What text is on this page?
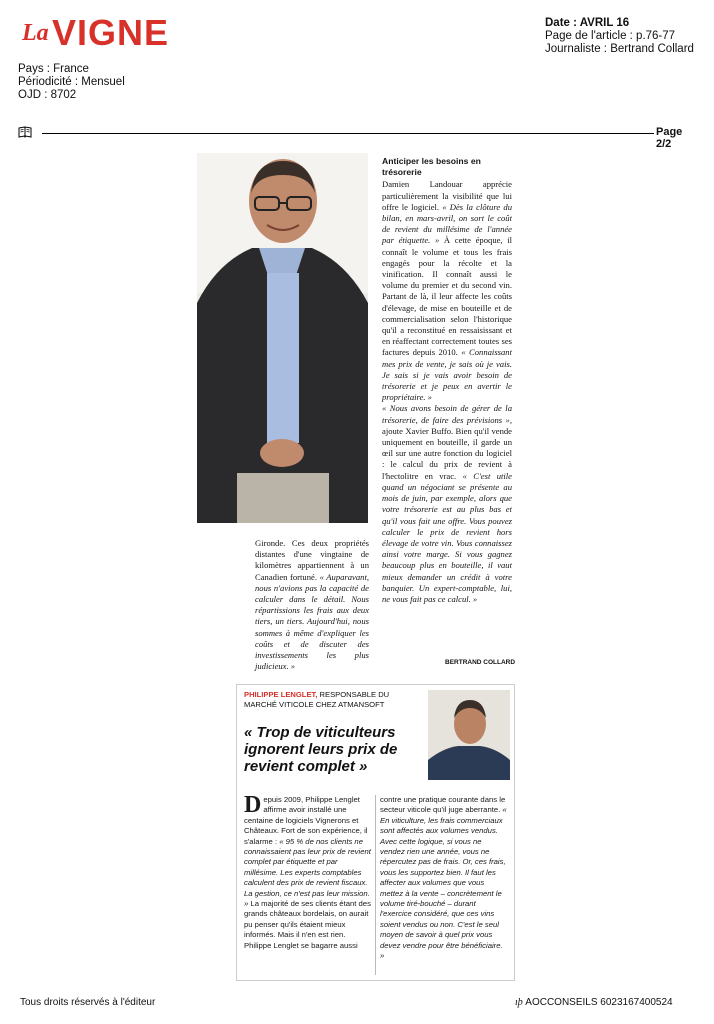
La VIGNE
Pays : France
Périodicité : Mensuel
OJD : 8702
Date : AVRIL 16
Page de l'article : p.76-77
Journaliste : Bertrand Collard
Page 2/2
Anticiper les besoins en trésorerie

Damien Landouar apprécie particulièrement la visibilité que lui offre le logiciel. « Dès la clôture du bilan, en mars-avril, on sort le coût de revient du millésime de l'année par étiquette. » À cette époque, il connaît le volume et tous les frais engagés pour la récolte et la vinification. Il connaît aussi le volume du premier et du second vin. Partant de là, il leur affecte les coûts d'élevage, de mise en bouteille et de commercialisation selon l'historique qu'il a reconstitué en ressaisissant et en réaffectant correctement toutes ses factures depuis 2010. « Connaissant mes prix de vente, je sais où je vais. Je sais si je vais avoir besoin de trésorerie et je peux en avertir le propriétaire. »

« Nous avons besoin de gérer de la trésorerie, de faire des prévisions », ajoute Xavier Buffo. Bien qu'il vende uniquement en bouteille, il garde un œil sur une autre fonction du logiciel : le calcul du prix de revient à l'hectolitre en vrac. « C'est utile quand un négociant se présente au mois de juin, par exemple, alors que votre trésorerie est au plus bas et qu'il vous fait une offre. Vous pouvez calculer le prix de revient hors élevage de votre vin. Vous connaissez ainsi votre marge. Si vous gagnez beaucoup plus en bouteille, il vaut mieux demander un crédit à votre banquier. Un expert-comptable, lui, ne vous fait pas ce calcul. »

Gironde. Ces deux propriétés distantes d'une vingtaine de kilomètres appartiennent à un Canadien fortuné. « Auparavant, nous n'avions pas la capacité de calculer dans le détail. Nous répartissions les frais aux deux tiers, un tiers. Aujourd'hui, nous sommes à même d'expliquer les coûts et de discuter des investissements les plus judicieux. »	BERTRAND COLLARD
PHILIPPE LENGLET, RESPONSABLE DU MARCHÉ VITICOLE CHEZ ATMANSOFT
« Trop de viticulteurs ignorent leurs prix de revient complet »

Depuis 2009, Philippe Lenglet affirme avoir installé une centaine de logiciels Vignerons et Châteaux. Fort de son expérience, il s'alarme : « 95 % de nos clients ne connaissaient pas leur prix de revient complet par étiquette et par millésime. Les experts comptables calculent des prix de revient fiscaux. La gestion, ce n'est pas leur mission. » La majorité de ses clients étant des grands châteaux bordelais, on aurait pu penser qu'ils étaient mieux informés. Mais il n'en est rien. Philippe Lenglet se bagarre aussi

contre une pratique courante dans le secteur viticole qu'il juge aberrante. « En viticulture, les frais commerciaux sont affectés aux volumes vendus. Avec cette logique, si vous ne vendez rien une année, vous ne répercutez pas de frais. Or, ces frais, vous les supportez bien. Il faut les affecter aux volumes que vous mettez à la vente – concrètement le volume tiré-bouché – durant l'exercice considéré, que ces vins soient vendus ou non. C'est le seul moyen de savoir à quel prix vous devez vendre pour être bénéficiaire. »

Tous droits réservés à l'éditeur	ıþ AOCCONSEILS 6023167400524
